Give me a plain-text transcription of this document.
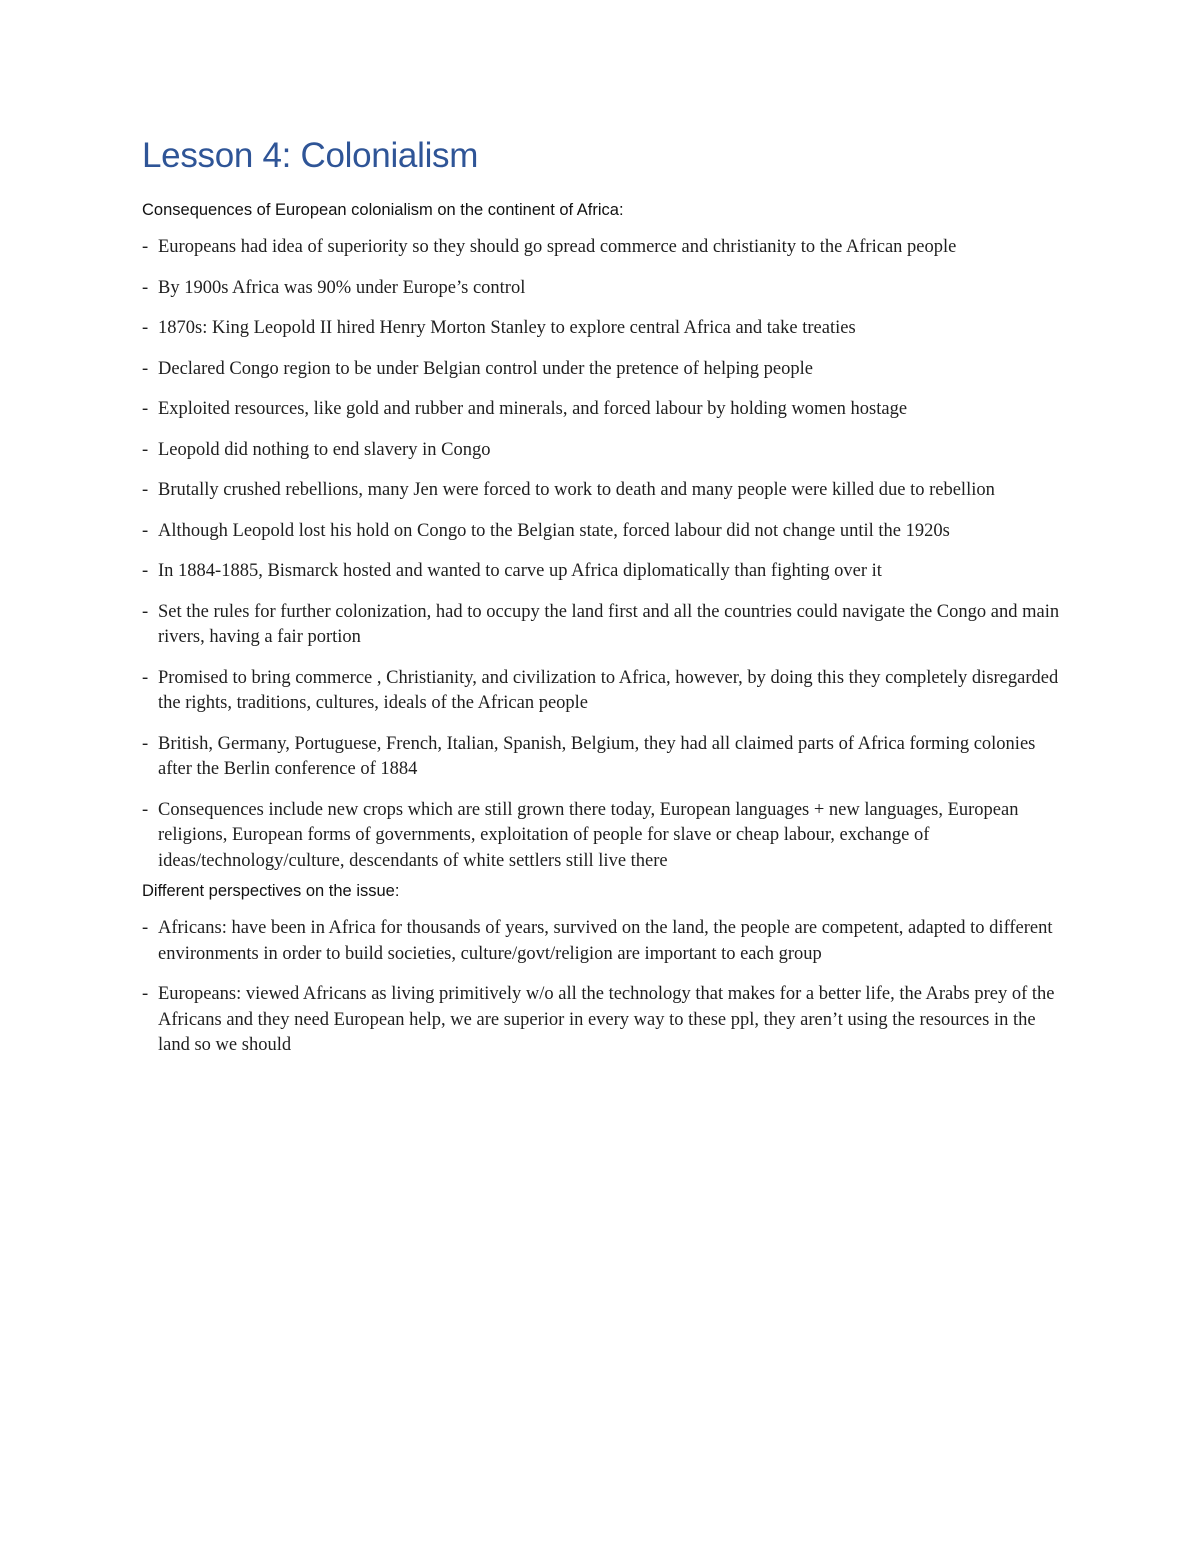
Lesson 4: Colonialism
Consequences of European colonialism on the continent of Africa:
- Europeans had idea of superiority so they should go spread commerce and christianity to the African people
- By 1900s Africa was 90% under Europe’s control
- 1870s: King Leopold II hired Henry Morton Stanley to explore central Africa and take treaties
- Declared Congo region to be under Belgian control under the pretence of helping people
- Exploited resources, like gold and rubber and minerals, and forced labour by holding women hostage
- Leopold did nothing to end slavery in Congo
- Brutally crushed rebellions, many Jen were forced to work to death and many people were killed due to rebellion
- Although Leopold lost his hold on Congo to the Belgian state, forced labour did not change until the 1920s
- In 1884-1885, Bismarck hosted and wanted to carve up Africa diplomatically than fighting over it
- Set the rules for further colonization, had to occupy the land first and all the countries could navigate the Congo and main rivers, having a fair portion
- Promised to bring commerce , Christianity, and civilization to Africa, however, by doing this they completely disregarded the rights, traditions, cultures, ideals of the African people
- British, Germany, Portuguese, French, Italian, Spanish, Belgium, they had all claimed parts of Africa forming colonies after the Berlin conference of 1884
- Consequences include new crops which are still grown there today, European languages + new languages, European religions, European forms of governments, exploitation of people for slave or cheap labour, exchange of ideas/technology/culture, descendants of white settlers still live there
Different perspectives on the issue:
- Africans: have been in Africa for thousands of years, survived on the land, the people are competent, adapted to different environments in order to build societies, culture/govt/religion are important to each group
- Europeans: viewed Africans as living primitively w/o all the technology that makes for a better life, the Arabs prey of the Africans and they need European help, we are superior in every way to these ppl, they aren’t using the resources in the land so we should
